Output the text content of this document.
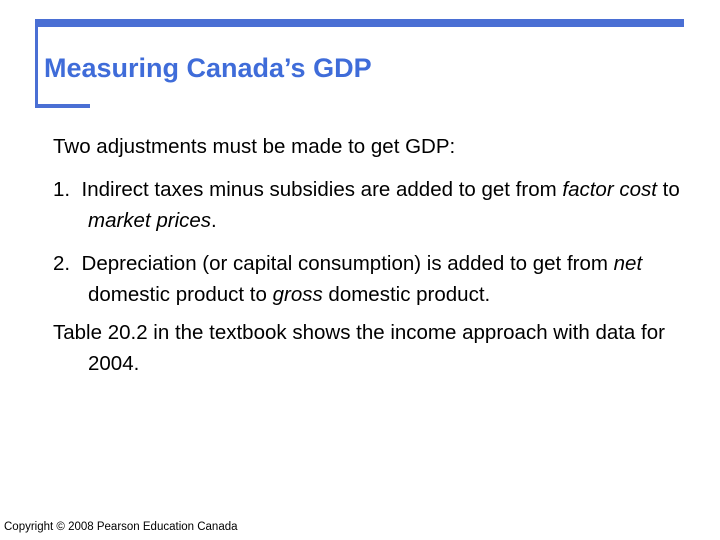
Measuring Canada’s GDP

Two adjustments must be made to get GDP:

1. Indirect taxes minus subsidies are added to get from factor cost to market prices.

2. Depreciation (or capital consumption) is added to get from net domestic product to gross domestic product.

Table 20.2 in the textbook shows the income approach with data for 2004.

Copyright © 2008 Pearson Education Canada
